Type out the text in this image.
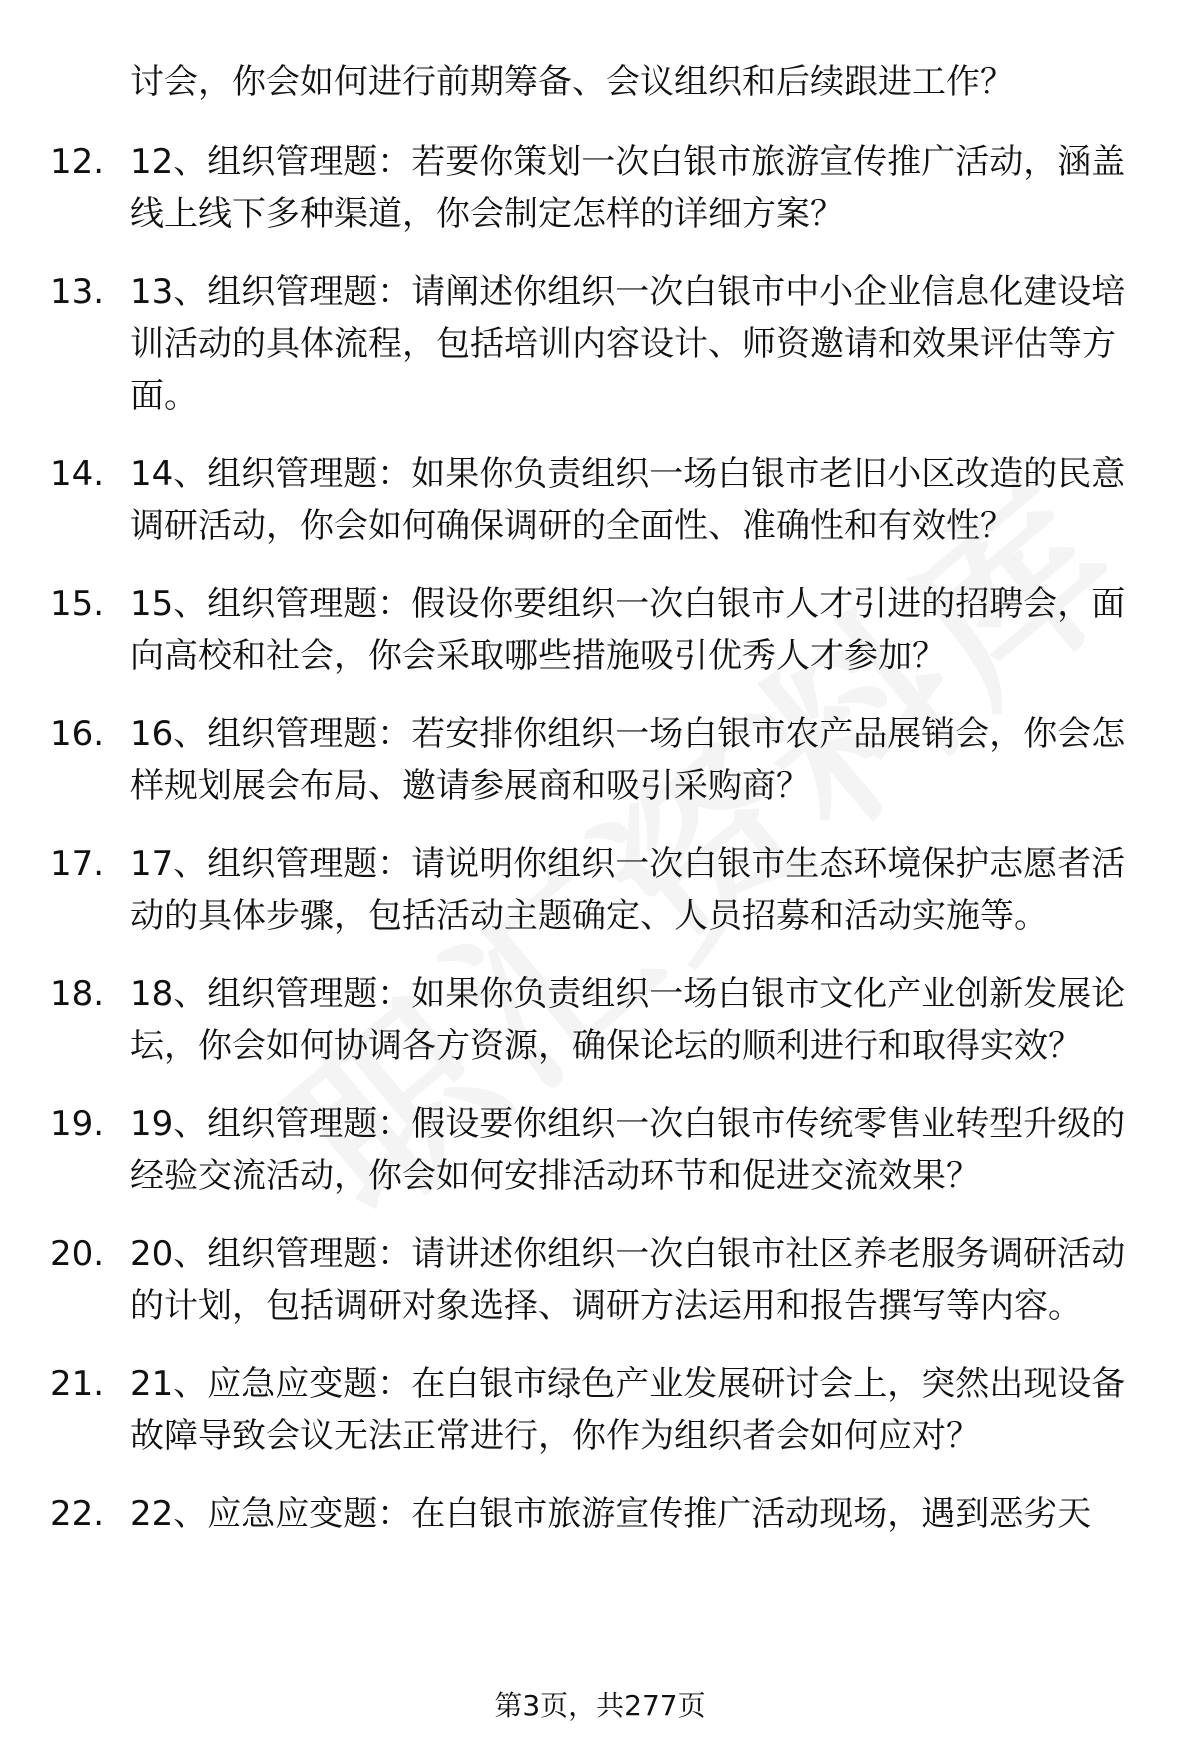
讨会，你会如何进行前期筹备、会议组织和后续跟进工作？
12. 12、组织管理题：若要你策划一次白银市旅游宣传推广活动，涵盖线上线下多种渠道，你会制定怎样的详细方案？
13. 13、组织管理题：请阐述你组织一次白银市中小企业信息化建设培训活动的具体流程，包括培训内容设计、师资邀请和效果评估等方面。
14. 14、组织管理题：如果你负责组织一场白银市老旧小区改造的民意调研活动，你会如何确保调研的全面性、准确性和有效性？
15. 15、组织管理题：假设你要组织一次白银市人才引进的招聘会，面向高校和社会，你会采取哪些措施吸引优秀人才参加？
16. 16、组织管理题：若安排你组织一场白银市农产品展销会，你会怎样规划展会布局、邀请参展商和吸引采购商？
17. 17、组织管理题：请说明你组织一次白银市生态环境保护志愿者活动的具体步骤，包括活动主题确定、人员招募和活动实施等。
18. 18、组织管理题：如果你负责组织一场白银市文化产业创新发展论坛，你会如何协调各方资源，确保论坛的顺利进行和取得实效？
19. 19、组织管理题：假设要你组织一次白银市传统零售业转型升级的经验交流活动，你会如何安排活动环节和促进交流效果？
20. 20、组织管理题：请讲述你组织一次白银市社区养老服务调研活动的计划，包括调研对象选择、调研方法运用和报告撰写等内容。
21. 21、应急应变题：在白银市绿色产业发展研讨会上，突然出现设备故障导致会议无法正常进行，你作为组织者会如何应对？
22. 22、应急应变题：在白银市旅游宣传推广活动现场，遇到恶劣天
第3页，共277页
